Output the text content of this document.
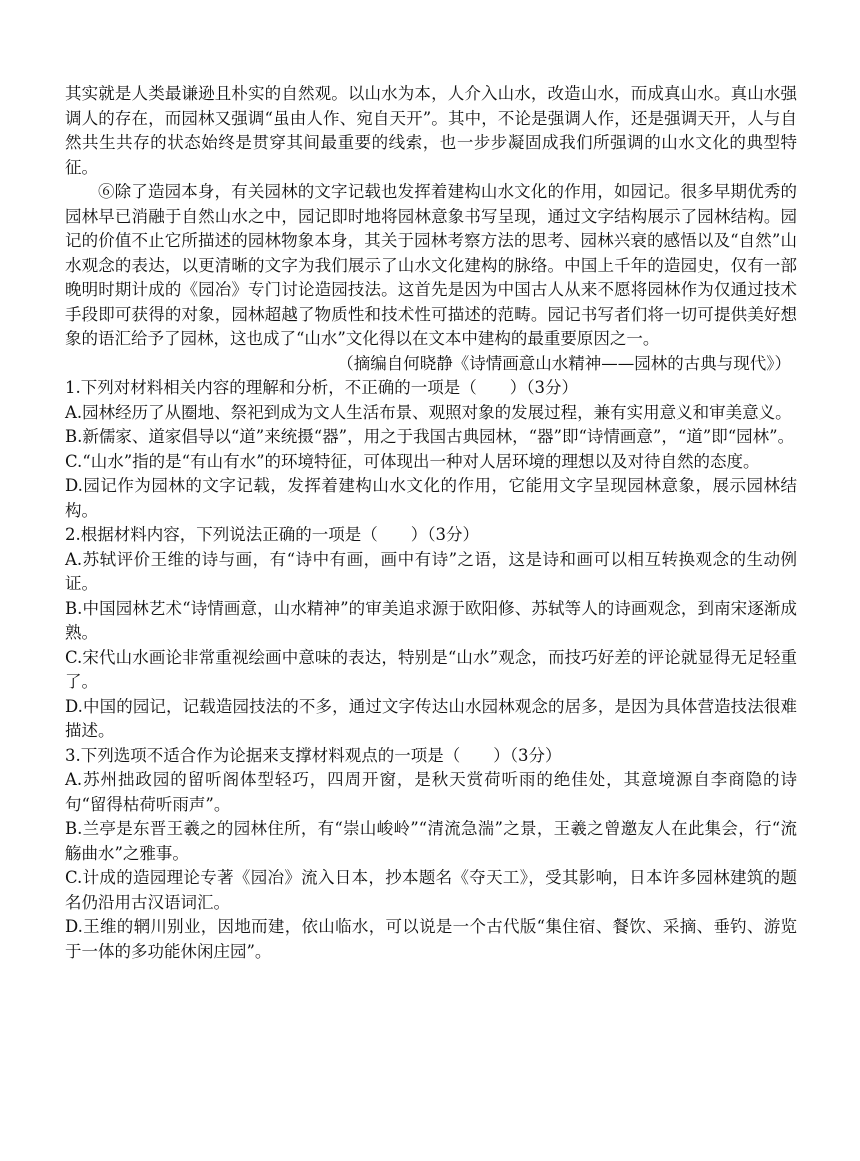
其实就是人类最谦逊且朴实的自然观。以山水为本，人介入山水，改造山水，而成真山水。真山水强调人的存在，而园林又强调“虽由人作、宛自天开”。其中，不论是强调人作，还是强调天开，人与自然共生共存的状态始终是贯穿其间最重要的线索，也一步步凝固成我们所强调的山水文化的典型特征。

⑥除了造园本身，有关园林的文字记载也发挥着建构山水文化的作用，如园记。很多早期优秀的园林早已消融于自然山水之中，园记即时地将园林意象书写呈现，通过文字结构展示了园林结构。园记的价值不止它所描述的园林物象本身，其关于园林考察方法的思考、园林兴衰的感悟以及“自然”山水观念的表达，以更清晰的文字为我们展示了山水文化建构的脉络。中国上千年的造园史，仅有一部晚明时期计成的《园冶》专门讨论造园技法。这首先是因为中国古人从来不愿将园林作为仅通过技术手段即可获得的对象，园林超越了物质性和技术性可描述的范畴。园记书写者们将一切可提供美好想象的语汇给予了园林，这也成了“山水”文化得以在文本中建构的最重要原因之一。

（摘编自何晓静《诗情画意山水精神——园林的古典与现代》）

1.下列对材料相关内容的理解和分析，不正确的一项是（　　）（3分）

A.园林经历了从圈地、祭祀到成为文人生活布景、观照对象的发展过程，兼有实用意义和审美意义。

B.新儒家、道家倡导以“道”来统摄“器”，用之于我国古典园林，“器”即“诗情画意”，“道”即“园林”。

C.“山水”指的是“有山有水”的环境特征，可体现出一种对人居环境的理想以及对待自然的态度。

D.园记作为园林的文字记载，发挥着建构山水文化的作用，它能用文字呈现园林意象，展示园林结构。

2.根据材料内容，下列说法正确的一项是（　　）（3分）

A.苏轼评价王维的诗与画，有“诗中有画，画中有诗”之语，这是诗和画可以相互转换观念的生动例证。

B.中国园林艺术“诗情画意，山水精神”的审美追求源于欧阳修、苏轼等人的诗画观念，到南宋逐渐成熟。

C.宋代山水画论非常重视绘画中意味的表达，特别是“山水”观念，而技巧好差的评论就显得无足轻重了。

D.中国的园记，记载造园技法的不多，通过文字传达山水园林观念的居多，是因为具体营造技法很难描述。

3.下列选项不适合作为论据来支撑材料观点的一项是（　　）（3分）

A.苏州拙政园的留听阁体型轻巧，四周开窗，是秋天赏荷听雨的绝佳处，其意境源自李商隐的诗句“留得枯荷听雨声”。

B.兰亭是东晋王羲之的园林住所，有“崇山峻岭”“清流急湍”之景，王羲之曾邀友人在此集会，行“流觞曲水”之雅事。

C.计成的造园理论专著《园冶》流入日本，抄本题名《夺天工》，受其影响，日本许多园林建筑的题名仍沿用古汉语词汇。

D.王维的辋川别业，因地而建，依山临水，可以说是一个古代版“集住宿、餐饮、采摘、垂钓、游览于一体的多功能休闲庄园”。
